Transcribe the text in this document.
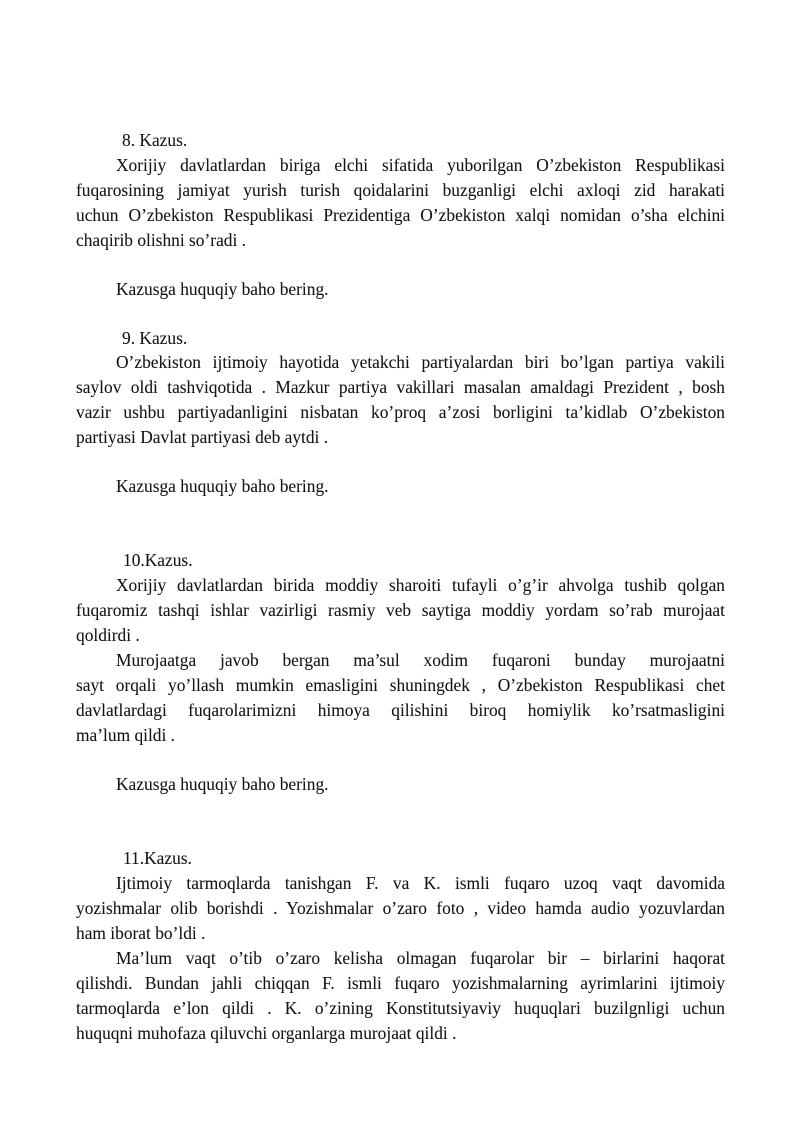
8. Kazus.
Xorijiy davlatlardan biriga elchi sifatida yuborilgan O’zbekiston Respublikasi
fuqarosining jamiyat yurish turish qoidalarini buzganligi elchi axloqi zid harakati
uchun O’zbekiston Respublikasi Prezidentiga O’zbekiston xalqi nomidan o’sha elchini
chaqirib olishni so’radi .
Kazusga huquqiy baho bering.
9. Kazus.
O’zbekiston ijtimoiy hayotida yetakchi partiyalardan biri bo’lgan partiya vakili
saylov oldi tashviqotida . Mazkur partiya vakillari masalan amaldagi Prezident , bosh
vazir ushbu partiyadanligini nisbatan ko’proq a’zosi borligini ta’kidlab O’zbekiston
partiyasi Davlat partiyasi deb aytdi .
Kazusga huquqiy baho bering.
10.Kazus.
Xorijiy davlatlardan birida moddiy sharoiti tufayli o’g’ir ahvolga tushib qolgan
fuqaromiz tashqi ishlar vazirligi rasmiy veb saytiga moddiy yordam so’rab murojaat
qoldirdi .
Murojaatga javob bergan ma’sul xodim fuqaroni bunday murojaatni
sayt orqali yo’llash mumkin emasligini shuningdek , O’zbekiston Respublikasi chet
davlatlardagi fuqarolarimizni himoya qilishini biroq homiylik ko’rsatmasligini
ma’lum qildi .
Kazusga huquqiy baho bering.
11.Kazus.
Ijtimoiy tarmoqlarda tanishgan F. va K. ismli fuqaro uzoq vaqt davomida
yozishmalar olib borishdi . Yozishmalar o’zaro foto , video hamda audio yozuvlardan
ham iborat bo’ldi .
Ma’lum vaqt o’tib o’zaro kelisha olmagan fuqarolar bir – birlarini haqorat
qilishdi. Bundan jahli chiqqan F. ismli fuqaro yozishmalarning ayrimlarini ijtimoiy
tarmoqlarda e’lon qildi . K. o’zining Konstitutsiyaviy huquqlari buzilgnligi uchun
huquqni muhofaza qiluvchi organlarga murojaat qildi .
